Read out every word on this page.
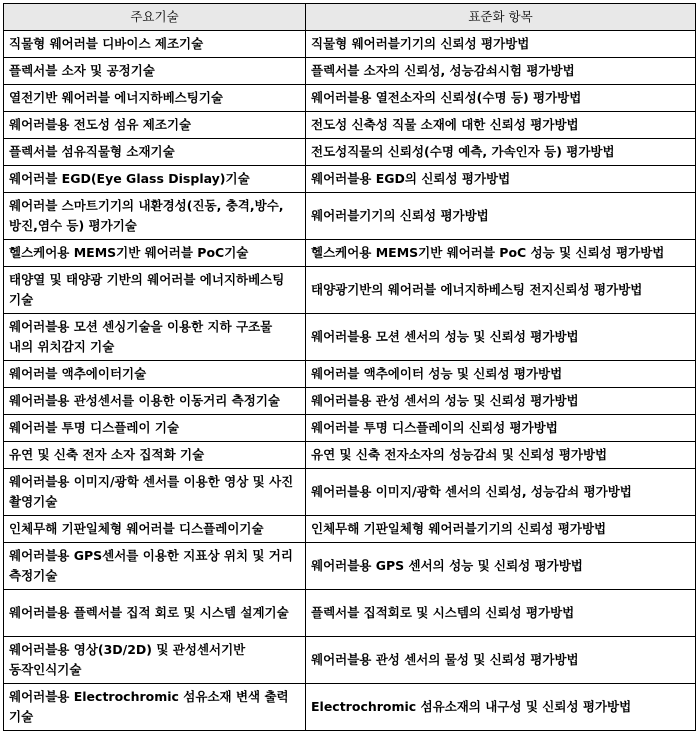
주요기술	표준화 항목
직물형 웨어러블 디바이스 제조기술	직물형 웨어러블기기의 신뢰성 평가방법
플렉서블 소자 및 공정기술	플렉서블 소자의 신뢰성, 성능감쇠시험 평가방법
열전기반 웨어러블 에너지하베스팅기술	웨어러블용 열전소자의 신뢰성(수명 등) 평가방법
웨어러블용 전도성 섬유 제조기술	전도성 신축성 직물 소재에 대한 신뢰성 평가방법
플렉서블 섬유직물형 소재기술	전도성직물의 신뢰성(수명 예측, 가속인자 등) 평가방법
웨어러블 EGD(Eye Glass Display)기술	웨어러블용 EGD의 신뢰성 평가방법
웨어러블 스마트기기의 내환경성(진동, 충격,방수,방진,염수 등) 평가기술	웨어러블기기의 신뢰성 평가방법
헬스케어용 MEMS기반 웨어러블 PoC기술	헬스케어용 MEMS기반 웨어러블 PoC 성능 및 신뢰성 평가방법
태양열 및 태양광 기반의 웨어러블 에너지하베스팅 기술	태양광기반의 웨어러블 에너지하베스팅 전지신뢰성 평가방법
웨어러블용 모션 센싱기술을 이용한 지하 구조물 내의 위치감지 기술	웨어러블용 모션 센서의 성능 및 신뢰성 평가방법
웨어러블 액추에이터기술	웨어러블 액추에이터 성능 및 신뢰성 평가방법
웨어러블용 관성센서를 이용한 이동거리 측정기술	웨어러블용 관성 센서의 성능 및 신뢰성 평가방법
웨어러블 투명 디스플레이 기술	웨어러블 투명 디스플레이의 신뢰성 평가방법
유연 및 신축 전자 소자 집적화 기술	유연 및 신축 전자소자의 성능감쇠 및 신뢰성 평가방법
웨어러블용 이미지/광학 센서를 이용한 영상 및 사진 촬영기술	웨어러블용 이미지/광학 센서의 신뢰성, 성능감쇠 평가방법
인체무해 기판일체형 웨어러블 디스플레이기술	인체무해 기판일체형 웨어러블기기의 신뢰성 평가방법
웨어러블용 GPS센서를 이용한 지표상 위치 및 거리 측정기술	웨어러블용 GPS 센서의 성능 및 신뢰성 평가방법
웨어러블용 플렉서블 집적 회로 및 시스템 설계기술	플렉서블 집적회로 및 시스템의 신뢰성 평가방법
웨어러블용 영상(3D/2D) 및 관성센서기반 동작인식기술	웨어러블용 관성 센서의 물성 및 신뢰성 평가방법
웨어러블용 Electrochromic 섬유소재 변색 출력 기술	Electrochromic 섬유소재의 내구성 및 신뢰성 평가방법
